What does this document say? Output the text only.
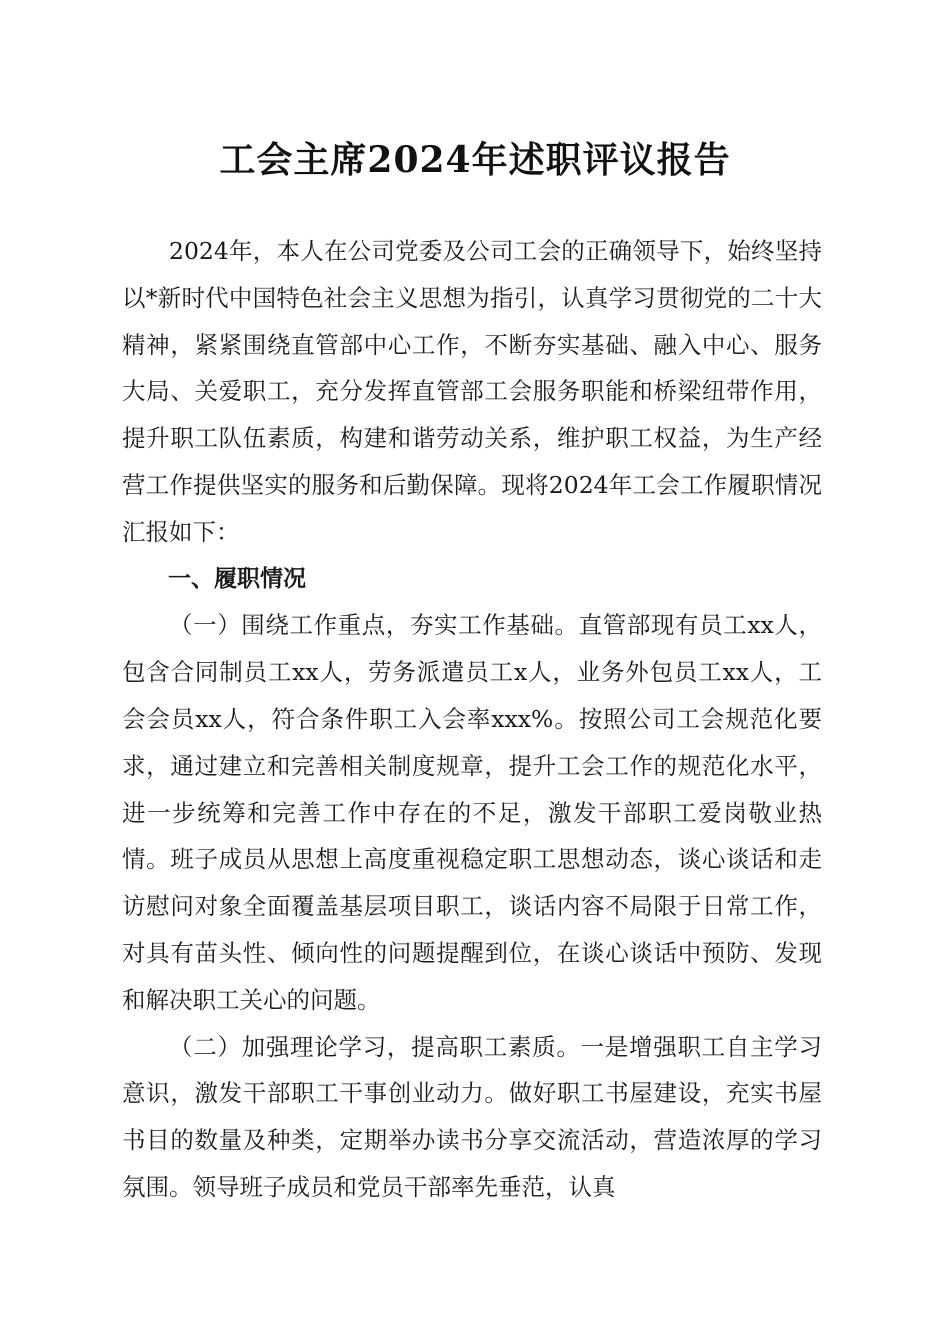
工会主席2024年述职评议报告

2024年，本人在公司党委及公司工会的正确领导下，始终坚持以*新时代中国特色社会主义思想为指引，认真学习贯彻党的二十大精神，紧紧围绕直管部中心工作，不断夯实基础、融入中心、服务大局、关爱职工，充分发挥直管部工会服务职能和桥梁纽带作用，提升职工队伍素质，构建和谐劳动关系，维护职工权益，为生产经营工作提供坚实的服务和后勤保障。现将2024年工会工作履职情况汇报如下：

一、履职情况

（一）围绕工作重点，夯实工作基础。直管部现有员工xx人，包含合同制员工xx人，劳务派遣员工x人，业务外包员工xx人，工会会员xx人，符合条件职工入会率xxx%。按照公司工会规范化要求，通过建立和完善相关制度规章，提升工会工作的规范化水平，进一步统筹和完善工作中存在的不足，激发干部职工爱岗敬业热情。班子成员从思想上高度重视稳定职工思想动态，谈心谈话和走访慰问对象全面覆盖基层项目职工，谈话内容不局限于日常工作，对具有苗头性、倾向性的问题提醒到位，在谈心谈话中预防、发现和解决职工关心的问题。

（二）加强理论学习，提高职工素质。一是增强职工自主学习意识，激发干部职工干事创业动力。做好职工书屋建设，充实书屋书目的数量及种类，定期举办读书分享交流活动，营造浓厚的学习氛围。领导班子成员和党员干部率先垂范，认真
